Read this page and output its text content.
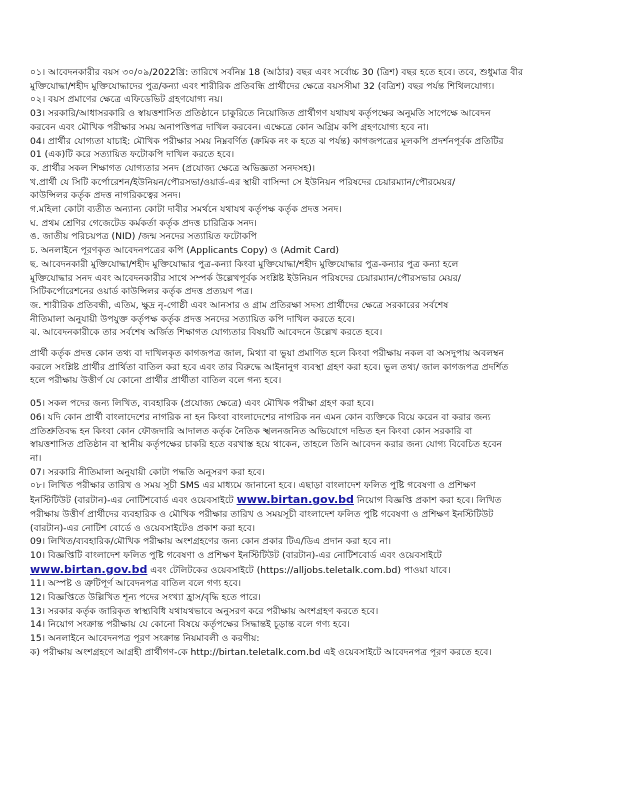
০১। আবেদনকারীর বয়স ৩০/০৯/2022খ্রি: তারিখে সর্বনিম্ন 18 (আঠার) বছর এবং সর্বোচ্চ 30 (ত্রিশ) বছর হতে হবে। তবে, শুধুমাত্র বীর
মুক্তিযোদ্ধা/শহীদ মুক্তিযোদ্ধাদের পুত্র/কন্যা এবং শারীরিক প্রতিবন্ধি প্রার্থীদের ক্ষেত্রে বয়সসীমা 32 (বত্রিশ) বছর পর্যন্ত শিথিলযোগ্য।
০২। বয়স প্রমাণের ক্ষেত্রে এফিডেভিট গ্রহণযোগ্য নয়।
03। সরকারি/আধাসরকারি ও স্বায়ত্তশাসিত প্রতিষ্ঠানে চাকুরিতে নিয়োজিত প্রার্থীগণ যথাযথ কর্তৃপক্ষের অনুমতি সাপেক্ষে আবেদন
করবেন এবং মৌখিক পরীক্ষার সময় অনাপত্তিপত্র দাখিল করবেন। এক্ষেত্রে কোন অগ্রিম কপি গ্রহণযোগ্য হবে না।
04। প্রার্থীর যোগ্যতা যাচাই: মৌখিক পরীক্ষার সময় নিম্নবর্ণিত (ক্রমিক নং ক হতে ঝ পর্যন্ত) কাগজপত্রের মূলকপি প্রদর্শনপূর্বক প্রতিটির
01 (এক)টি করে সত্যায়িত ফটোকপি দাখিল করতে হবে।
ক. প্রার্থীর সকল শিক্ষাগত যোগ্যতার সনদ (প্রযোজ্য ক্ষেত্রে অভিজ্ঞতা সনদসহ)।
খ.প্রার্থী যে সিটি কর্পোরেশন/ইউনিয়ন/পৌরসভা/ওয়ার্ড-এর স্থায়ী বাসিন্দা সে ইউনিয়ন পরিষদের চেয়ারম্যান/পৌরমেয়র/
কাউন্সিলর কর্তৃক প্রদত্ত নাগরিকত্বের সনদ।
গ.মহিলা কোটা ব্যতীত অন্যান্য কোটা দাবীর সমর্থনে যথাযথ কর্তৃপক্ষ কর্তৃক প্রদত্ত সনদ।
ঘ. প্রথম শ্রেণির গেজেটেড কর্মকর্তা কর্তৃক প্রদত্ত চারিত্রিক সনদ।
ঙ. জাতীয় পরিচয়পত্র (NID) /জন্ম সনদের সত্যায়িত ফটোকপি
চ. অনলাইনে পূরণকৃত আবেদনপত্রের কপি (Applicants Copy) ও (Admit Card)
ছ. আবেদনকারী মুক্তিযোদ্ধা/শহীদ মুক্তিযোদ্ধার পুত্র-কন্যা কিংবা মুক্তিযোদ্ধা/শহীদ মুক্তিযোদ্ধার পুত্র-কন্যার পুত্র কন্যা হলে
মুক্তিযোদ্ধার সনদ এবং আবেদনকারীর সাথে সম্পর্ক উল্লেখপূর্বক সংশ্লিষ্ট ইউনিয়ন পরিষদের চেয়ারম্যান/পৌরসভার মেয়র/
সিটিকর্পোরেশনের ওয়ার্ড কাউন্সিলর কর্তৃক প্রদত্ত প্রত্যয়ণ পত্র।
জ. শারীরিক প্রতিবন্ধী, এতিম, ক্ষুদ্র নৃ-গোষ্ঠী এবং আনসার ও গ্রাম প্রতিরক্ষা সদস্য প্রার্থীদের ক্ষেত্রে সরকারের সর্বশেষ
নীতিমালা অনুযায়ী উপযুক্ত কর্তৃপক্ষ কর্তৃক প্রদত্ত সনদের সত্যায়িত কপি দাখিল করতে হবে।
ঝ. আবেদনকারীকে তার সর্বশেষ অর্জিত শিক্ষাগত যোগ্যতার বিষয়টি আবেদনে উল্লেখ করতে হবে।
প্রার্থী কর্তৃক প্রদত্ত কোন তথ্য বা দাখিলকৃত কাগজপত্র জাল, মিথ্যা বা ভুয়া প্রমাণিত হলে কিংবা পরীক্ষায় নকল বা অসদুপায় অবলম্বন
করলে সংশ্লিষ্ট প্রার্থীর প্রার্থিতা বাতিল করা হবে এবং তার বিরুদ্ধে আইনানুগ ব্যবস্থা গ্রহণ করা হবে। ভুল তথ্য/ জাল কাগজপত্র প্রদর্শিত
হলে পরীক্ষায় উত্তীর্ণ যে কোনো প্রার্থীর প্রার্থীতা বাতিল বলে গন্য হবে।
05। সকল পদের জন্য লিখিত, ব্যবহারিক (প্রযোজ্য ক্ষেত্রে) এবং মৌখিক পরীক্ষা গ্রহণ করা হবে।
06। যদি কোন প্রার্থী বাংলাদেশের নাগরিক না হন কিংবা বাংলাদেশের নাগরিক নন এমন কোন ব্যক্তিকে বিয়ে করেন বা করার জন্য
প্রতিশ্রুতিবদ্ধ হন কিংবা কোন ফৌজদারি আদালত কর্তৃক নৈতিক স্খলনজনিত অভিযোগে দন্ডিত হন কিংবা কোন সরকারি বা
স্বায়ত্তশাসিত প্রতিষ্ঠান বা স্থানীয় কর্তৃপক্ষের চাকরি হতে বরখাস্ত হয়ে থাকেন, তাহলে তিনি আবেদন করার জন্য যোগ্য বিবেচিত হবেন
না।
07। সরকারি নীতিমালা অনুযায়ী কোটা পদ্ধতি অনুসরণ করা হবে।
০৮। লিখিত পরীক্ষার তারিখ ও সময় সূচী SMS এর মাধ্যমে জানানো হবে। এছাড়া বাংলাদেশ ফলিত পুষ্টি গবেষণা ও প্রশিক্ষণ
ইনস্টিটিউট (বারটান)-এর নোটিশবোর্ড এবং ওয়েবসাইটে www.birtan.gov.bd নিয়োগ বিজ্ঞপ্তি প্রকাশ করা হবে। লিখিত
পরীক্ষায় উত্তীর্ণ প্রার্থীদের ব্যবহারিক ও মৌখিক পরীক্ষার তারিখ ও সময়সূচী বাংলাদেশ ফলিত পুষ্টি গবেষণা ও প্রশিক্ষণ ইনস্টিটিউট
(বারটান)-এর নোটিশ বোর্ডে ও ওয়েবসাইটেও প্রকাশ করা হবে।
09। লিখিত/ব্যবহারিক/মৌখিক পরীক্ষায় অংশগ্রহণের জন্য কোন প্রকার টিএ/ডিএ প্রদান করা হবে না।
10। বিজ্ঞপ্তিটি বাংলাদেশ ফলিত পুষ্টি গবেষণা ও প্রশিক্ষণ ইনস্টিটিউট (বারটান)-এর নোটিশবোর্ড এবং ওয়েবসাইটে
www.birtan.gov.bd এবং টেলিটকের ওয়েবসাইটে (https://alljobs.teletalk.com.bd) পাওয়া যাবে।
11। অস্পষ্ট ও ত্রুটিপূর্ণ আবেদনপত্র বাতিল বলে গণ্য হবে।
12। বিজ্ঞপ্তিতে উল্লিখিত শূন্য পদের সংখ্যা হ্রাস/বৃদ্ধি হতে পারে।
13। সরকার কর্তৃক জারিকৃত স্বাস্থ্যবিধি যথাযথভাবে অনুসরণ করে পরীক্ষায় অংশগ্রহণ করতে হবে।
14। নিয়োগ সংক্রান্ত পরীক্ষায় যে কোনো বিষয়ে কর্তৃপক্ষের সিদ্ধান্তই চূড়ান্ত বলে গণ্য হবে।
15। অনলাইনে আবেদনপত্র পূরণ সংক্রান্ত নিয়মাবলী ও করণীয়:
ক) পরীক্ষায় অংশগ্রহণে আগ্রহী প্রার্থীগণ-কে http://birtan.teletalk.com.bd এই ওয়েবসাইটে আবেদনপত্র পূরণ করতে হবে।
